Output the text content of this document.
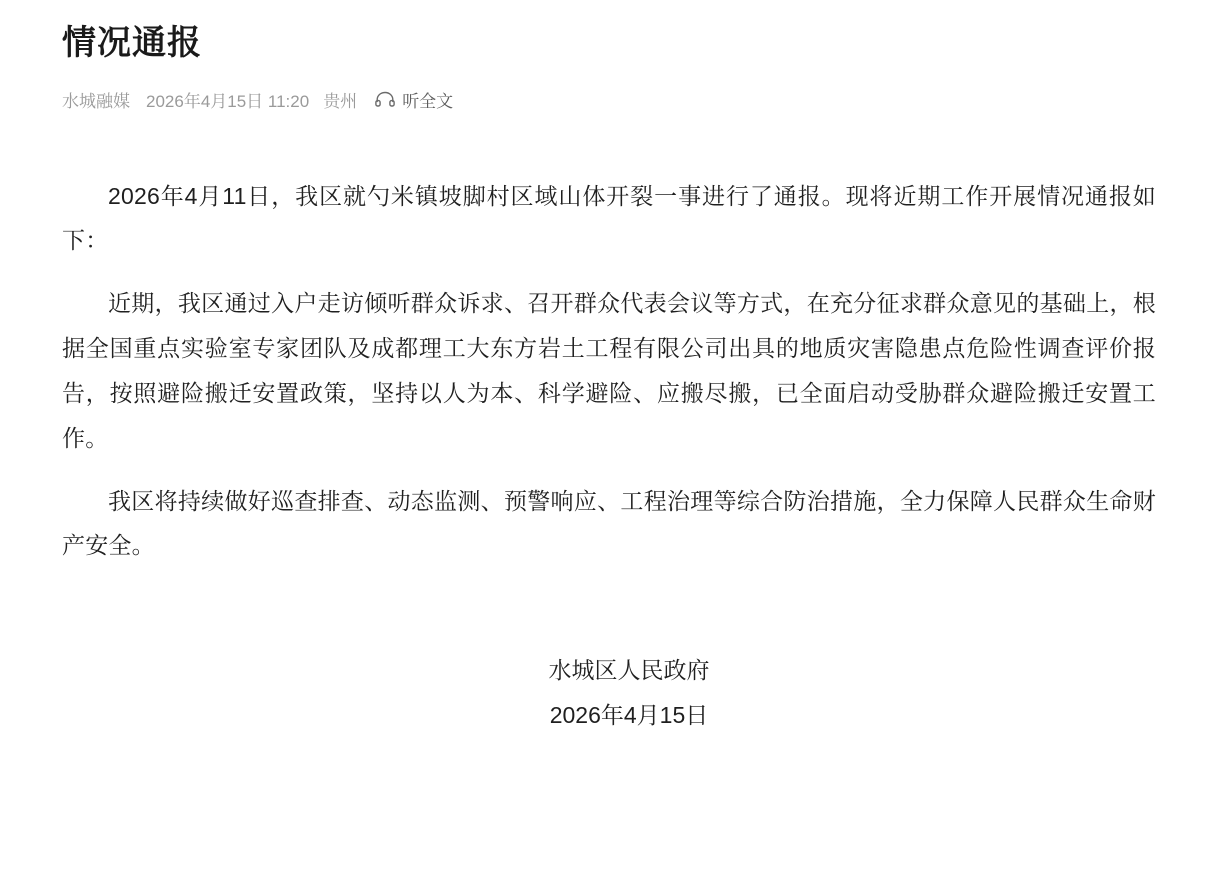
情况通报
水城融媒 2026年4月15日 11:20 贵州	听全文

2026年4月11日，我区就勺米镇坡脚村区域山体开裂一事进行了通报。现将近期工作开展情况通报如下：

近期，我区通过入户走访倾听群众诉求、召开群众代表会议等方式，在充分征求群众意见的基础上，根据全国重点实验室专家团队及成都理工大东方岩土工程有限公司出具的地质灾害隐患点危险性调查评价报告，按照避险搬迁安置政策，坚持以人为本、科学避险、应搬尽搬，已全面启动受胁群众避险搬迁安置工作。

我区将持续做好巡查排查、动态监测、预警响应、工程治理等综合防治措施，全力保障人民群众生命财产安全。

水城区人民政府
2026年4月15日
